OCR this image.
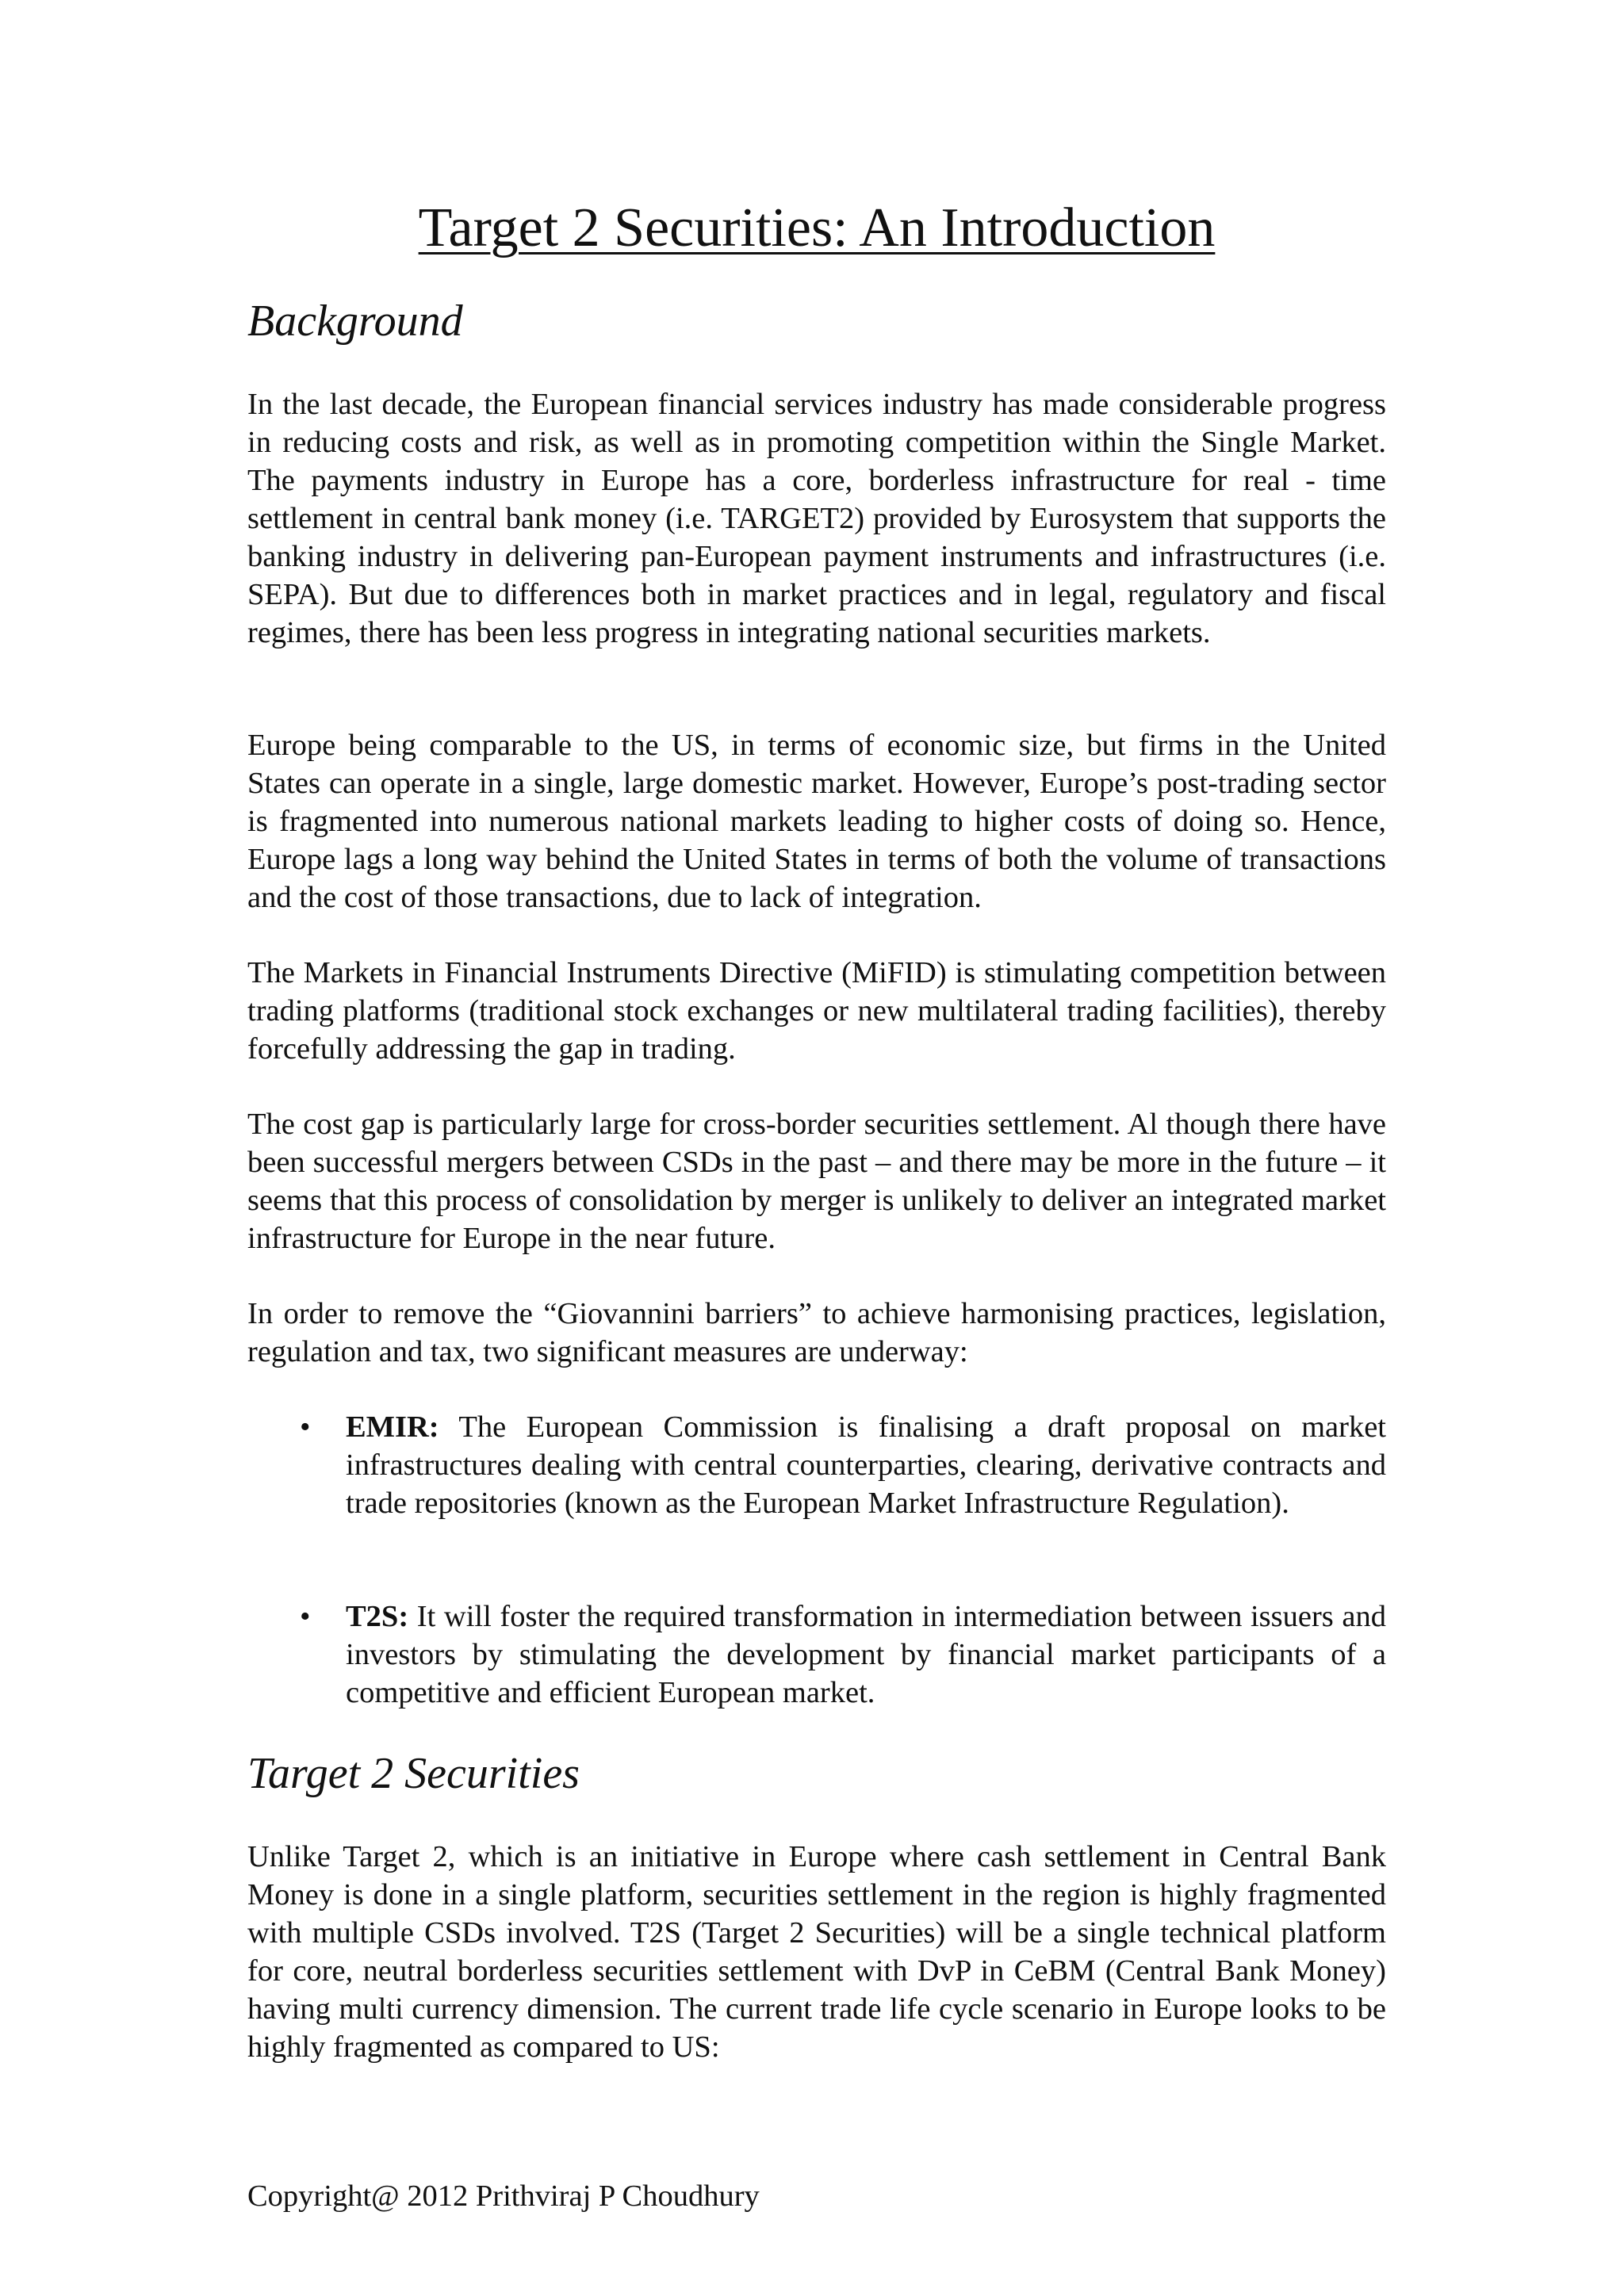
Target 2 Securities: An Introduction
Background

In the last decade, the European financial services industry has made considerable progress in reducing costs and risk, as well as in promoting competition within the Single Market. The payments industry in Europe has a core, borderless infrastructure for real - time settlement in central bank money (i.e. TARGET2) provided by Eurosystem that supports the banking industry in delivering pan-European payment instruments and infrastructures (i.e. SEPA). But due to differences both in market practices and in legal, regulatory and fiscal regimes, there has been less progress in integrating national securities markets.

Europe being comparable to the US, in terms of economic size, but firms in the United States can operate in a single, large domestic market. However, Europe’s post-trading sector is fragmented into numerous national markets leading to higher costs of doing so. Hence, Europe lags a long way behind the United States in terms of both the volume of transactions and the cost of those transactions, due to lack of integration.

The Markets in Financial Instruments Directive (MiFID) is stimulating competition between trading platforms (traditional stock exchanges or new multilateral trading facilities), thereby forcefully addressing the gap in trading.

The cost gap is particularly large for cross-border securities settlement. Al though there have been successful mergers between CSDs in the past – and there may be more in the future – it seems that this process of consolidation by merger is unlikely to deliver an integrated market infrastructure for Europe in the near future.

In order to remove the “Giovannini barriers” to achieve harmonising practices, legislation, regulation and tax, two significant measures are underway:

• EMIR: The European Commission is finalising a draft proposal on market infrastructures dealing with central counterparties, clearing, derivative contracts and trade repositories (known as the European Market Infrastructure Regulation).

• T2S: It will foster the required transformation in intermediation between issuers and investors by stimulating the development by financial market participants of a competitive and efficient European market.

Target 2 Securities

Unlike Target 2, which is an initiative in Europe where cash settlement in Central Bank Money is done in a single platform, securities settlement in the region is highly fragmented with multiple CSDs involved. T2S (Target 2 Securities) will be a single technical platform for core, neutral borderless securities settlement with DvP in CeBM (Central Bank Money) having multi currency dimension. The current trade life cycle scenario in Europe looks to be highly fragmented as compared to US:

Copyright@ 2012 Prithviraj P Choudhury
